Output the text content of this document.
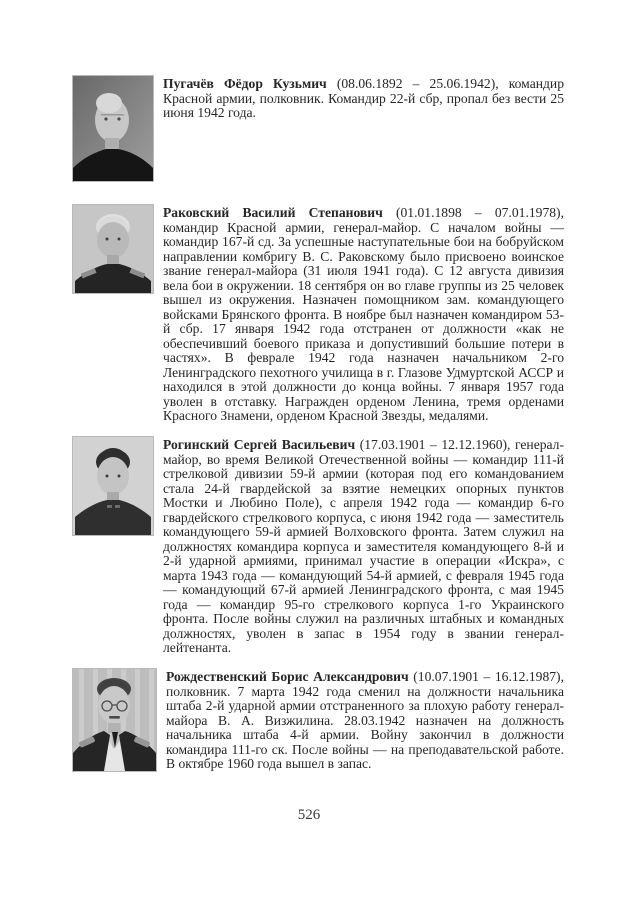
Пугачёв Фёдор Кузьмич (08.06.1892 – 25.06.1942), командир Красной армии, полковник. Командир 22-й сбр, пропал без вести 25 июня 1942 года.

Раковский Василий Степанович (01.01.1898 – 07.01.1978), командир Красной армии, генерал-майор. С началом войны — командир 167-й сд. За успешные наступательные бои на бобруйском направлении комбригу В. С. Раковскому было присвоено воинское звание генерал-майора (31 июля 1941 года). С 12 августа дивизия вела бои в окружении. 18 сентября он во главе группы из 25 человек вышел из окружения. Назначен помощником зам. командующего войсками Брянского фронта. В ноябре был назначен командиром 53-й сбр. 17 января 1942 года отстранен от должности «как не обеспечивший боевого приказа и допустивший большие потери в частях». В феврале 1942 года назначен начальником 2-го Ленинградского пехотного училища в г. Глазове Удмуртской АССР и находился в этой должности до конца войны. 7 января 1957 года уволен в отставку. Награжден орденом Ленина, тремя орденами Красного Знамени, орденом Красной Звезды, медалями.

Рогинский Сергей Васильевич (17.03.1901 – 12.12.1960), генерал-майор, во время Великой Отечественной войны — командир 111-й стрелковой дивизии 59-й армии (которая под его командованием стала 24-й гвардейской за взятие немецких опорных пунктов Мостки и Любино Поле), с апреля 1942 года — командир 6-го гвардейского стрелкового корпуса, с июня 1942 года — заместитель командующего 59-й армией Волховского фронта. Затем служил на должностях командира корпуса и заместителя командующего 8-й и 2-й ударной армиями, принимал участие в операции «Искра», с марта 1943 года — командующий 54-й армией, с февраля 1945 года — командующий 67-й армией Ленинградского фронта, с мая 1945 года — командир 95-го стрелкового корпуса 1-го Украинского фронта. После войны служил на различных штабных и командных должностях, уволен в запас в 1954 году в звании генерал-лейтенанта.

Рождественский Борис Александрович (10.07.1901 – 16.12.1987), полковник. 7 марта 1942 года сменил на должности начальника штаба 2-й ударной армии отстраненного за плохую работу генерал-майора В. А. Визжилина. 28.03.1942 назначен на должность начальника штаба 4-й армии. Войну закончил в должности командира 111-го ск. После войны — на преподавательской работе. В октябре 1960 года вышел в запас.

526
